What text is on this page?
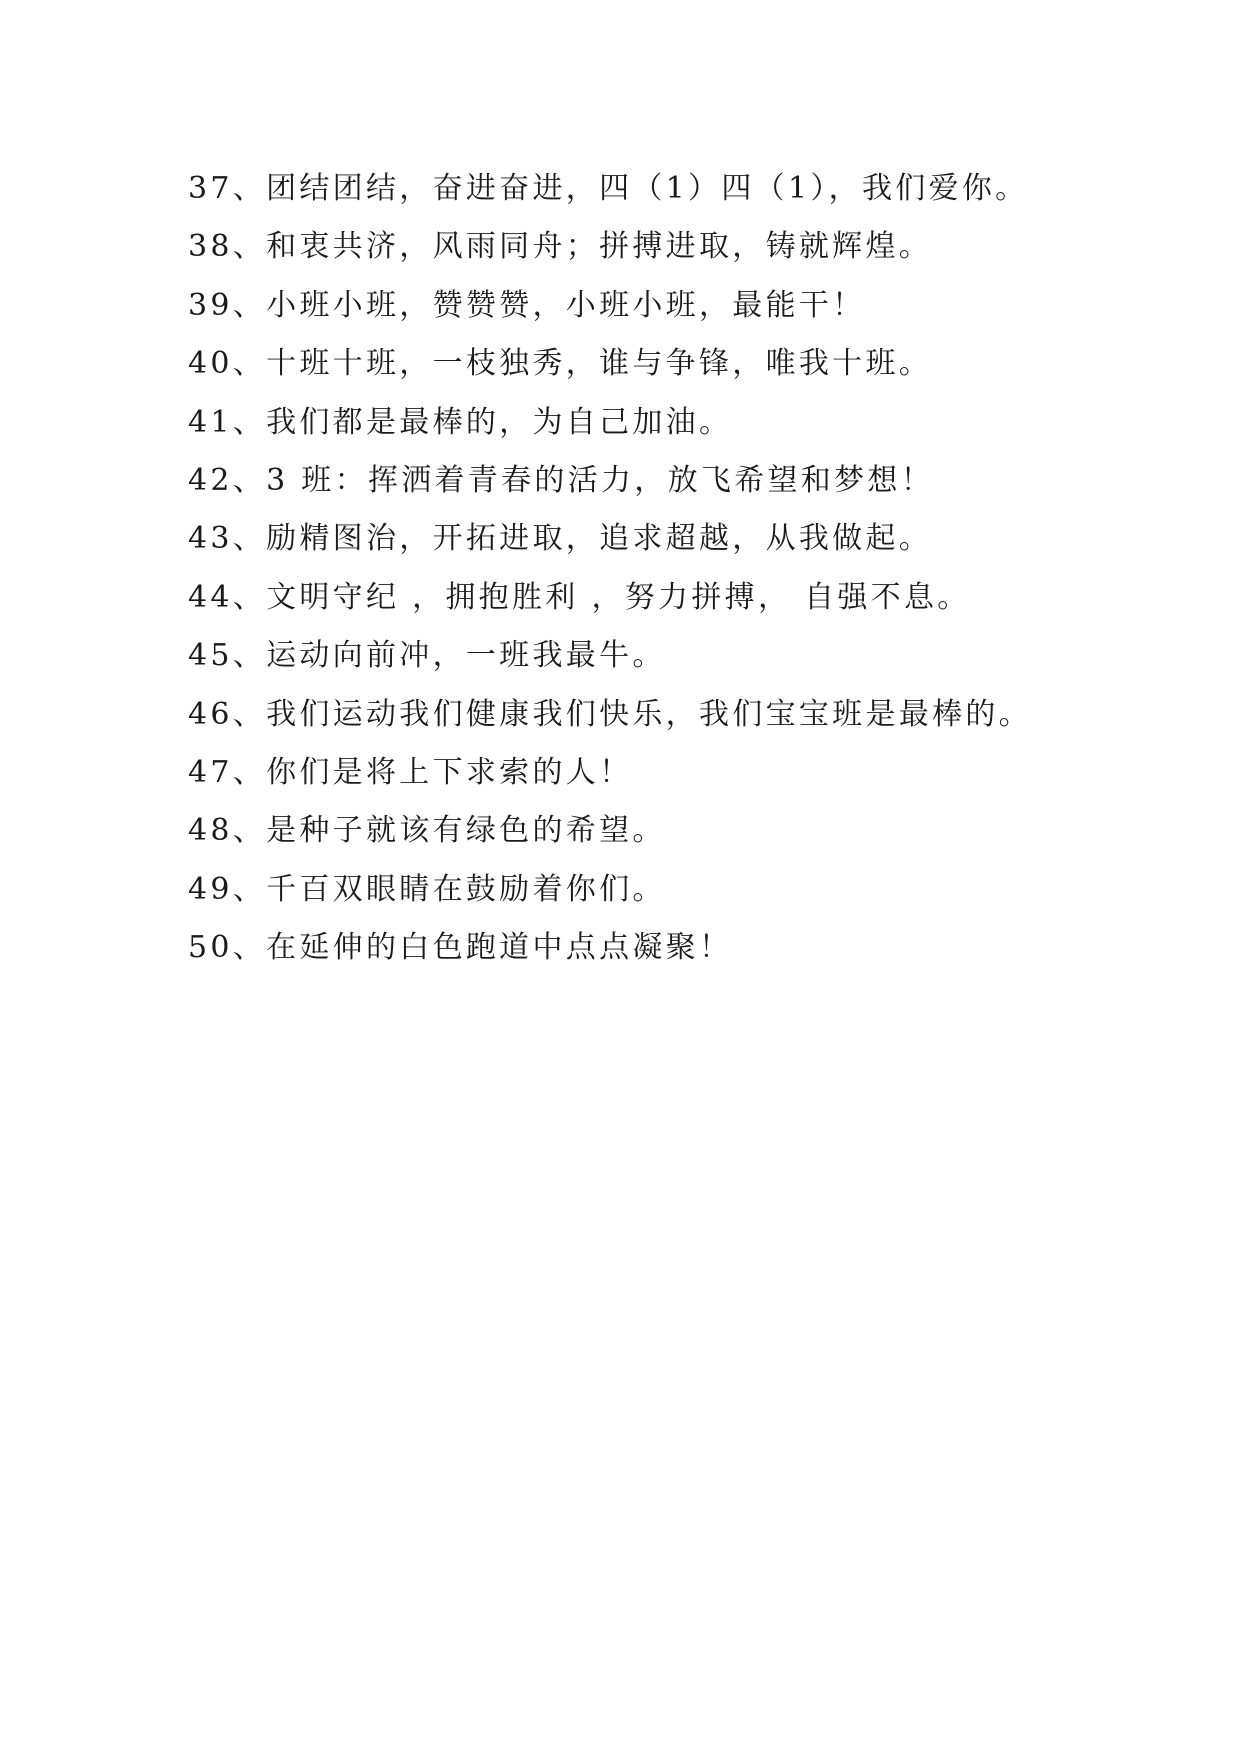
37、团结团结，奋进奋进，四（1）四（1），我们爱你。
38、和衷共济，风雨同舟；拼搏进取，铸就辉煌。
39、小班小班，赞赞赞，小班小班，最能干！
40、十班十班，一枝独秀，谁与争锋，唯我十班。
41、我们都是最棒的，为自己加油。
42、3 班：挥洒着青春的活力，放飞希望和梦想！
43、励精图治，开拓进取，追求超越，从我做起。
44、文明守纪 ，拥抱胜利 ，努力拼搏， 自强不息。
45、运动向前冲，一班我最牛。
46、我们运动我们健康我们快乐，我们宝宝班是最棒的。
47、你们是将上下求索的人！
48、是种子就该有绿色的希望。
49、千百双眼睛在鼓励着你们。
50、在延伸的白色跑道中点点凝聚！
